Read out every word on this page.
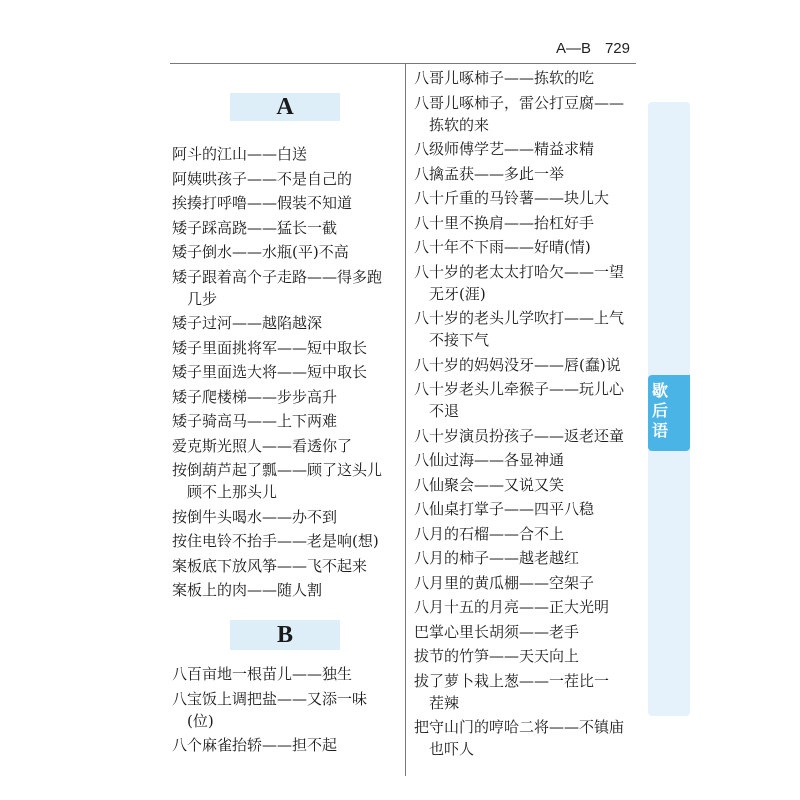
A—B 729
A
阿斗的江山——白送
阿姨哄孩子——不是自己的
挨揍打呼噜——假装不知道
矮子踩高跷——猛长一截
矮子倒水——水瓶(平)不高
矮子跟着高个子走路——得多跑
几步
矮子过河——越陷越深
矮子里面挑将军——短中取长
矮子里面选大将——短中取长
矮子爬楼梯——步步高升
矮子骑高马——上下两难
爱克斯光照人——看透你了
按倒葫芦起了瓢——顾了这头儿
顾不上那头儿
按倒牛头喝水——办不到
按住电铃不抬手——老是响(想)
案板底下放风筝——飞不起来
案板上的肉——随人割
B
八百亩地一根苗儿——独生
八宝饭上调把盐——又添一味
(位)
八个麻雀抬轿——担不起
八哥儿啄柿子——拣软的吃
八哥儿啄柿子，雷公打豆腐——
拣软的来
八级师傅学艺——精益求精
八擒孟获——多此一举
八十斤重的马铃薯——块儿大
八十里不换肩——抬杠好手
八十年不下雨——好晴(情)
八十岁的老太太打哈欠——一望
无牙(涯)
八十岁的老头儿学吹打——上气
不接下气
八十岁的妈妈没牙——唇(蠢)说
八十岁老头儿牵猴子——玩儿心
不退
八十岁演员扮孩子——返老还童
八仙过海——各显神通
八仙聚会——又说又笑
八仙桌打掌子——四平八稳
八月的石榴——合不上
八月的柿子——越老越红
八月里的黄瓜棚——空架子
八月十五的月亮——正大光明
巴掌心里长胡须——老手
拔节的竹笋——天天向上
拔了萝卜栽上葱——一茬比一
茬辣
把守山门的哼哈二将——不镇庙
也吓人
歇后语
